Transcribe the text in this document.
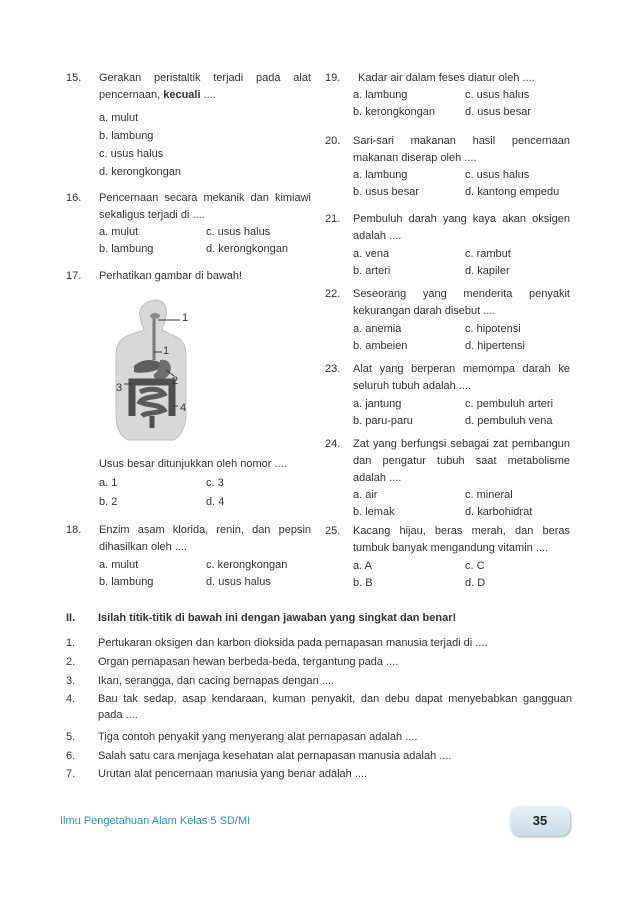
15. Gerakan peristaltik terjadi pada alat
pencernaan, kecuali ....
a. mulut
b. lambung
c. usus halus
d. kerongkongan
16. Pencernaan secara mekanik dan kimiawi
sekaligus terjadi di ....
a. mulut	c. usus halus
b. lambung	d. kerongkongan
17. Perhatikan gambar di bawah!
1
1
2
3
4
Usus besar ditunjukkan oleh nomor ....
a. 1	c. 3
b. 2	d. 4
18. Enzim asam klorida, renin, dan pepsin
dihasilkan oleh ....
a. mulut	c. kerongkongan
b. lambung	d. usus halus
19. Kadar air dalam feses diatur oleh ....
a. lambung	c. usus halus
b. kerongkongan	d. usus besar
20. Sari-sari makanan hasil pencernaan
makanan diserap oleh ....
a. lambung	c. usus halus
b. usus besar	d. kantong empedu
21. Pembuluh darah yang kaya akan oksigen
adalah ....
a. vena	c. rambut
b. arteri	d. kapiler
22. Seseorang yang menderita penyakit
kekurangan darah disebut ....
a. anemia	c. hipotensi
b. ambeien	d. hipertensi
23. Alat yang berperan memompa darah ke
seluruh tubuh adalah ....
a. jantung	c. pembuluh arteri
b. paru-paru	d. pembuluh vena
24. Zat yang berfungsi sebagai zat pembangun
dan pengatur tubuh saat metabolisme
adalah ....
a. air	c. mineral
b. lemak	d. karbohidrat
25. Kacang hijau, beras merah, dan beras
tumbuk banyak mengandung vitamin ....
a. A	c. C
b. B	d. D
II. Isilah titik-titik di bawah ini dengan jawaban yang singkat dan benar!
1. Pertukaran oksigen dan karbon dioksida pada pernapasan manusia terjadi di ....
2. Organ pernapasan hewan berbeda-beda, tergantung pada ....
3. Ikan, serangga, dan cacing bernapas dengan ....
4. Bau tak sedap, asap kendaraan, kuman penyakit, dan debu dapat menyebabkan gangguan
pada ....
5. Tiga contoh penyakit yang menyerang alat pernapasan adalah ....
6. Salah satu cara menjaga kesehatan alat pernapasan manusia adalah ....
7. Urutan alat pencernaan manusia yang benar adalah ....
Ilmu Pengetahuan Alam Kelas 5 SD/MI	35
